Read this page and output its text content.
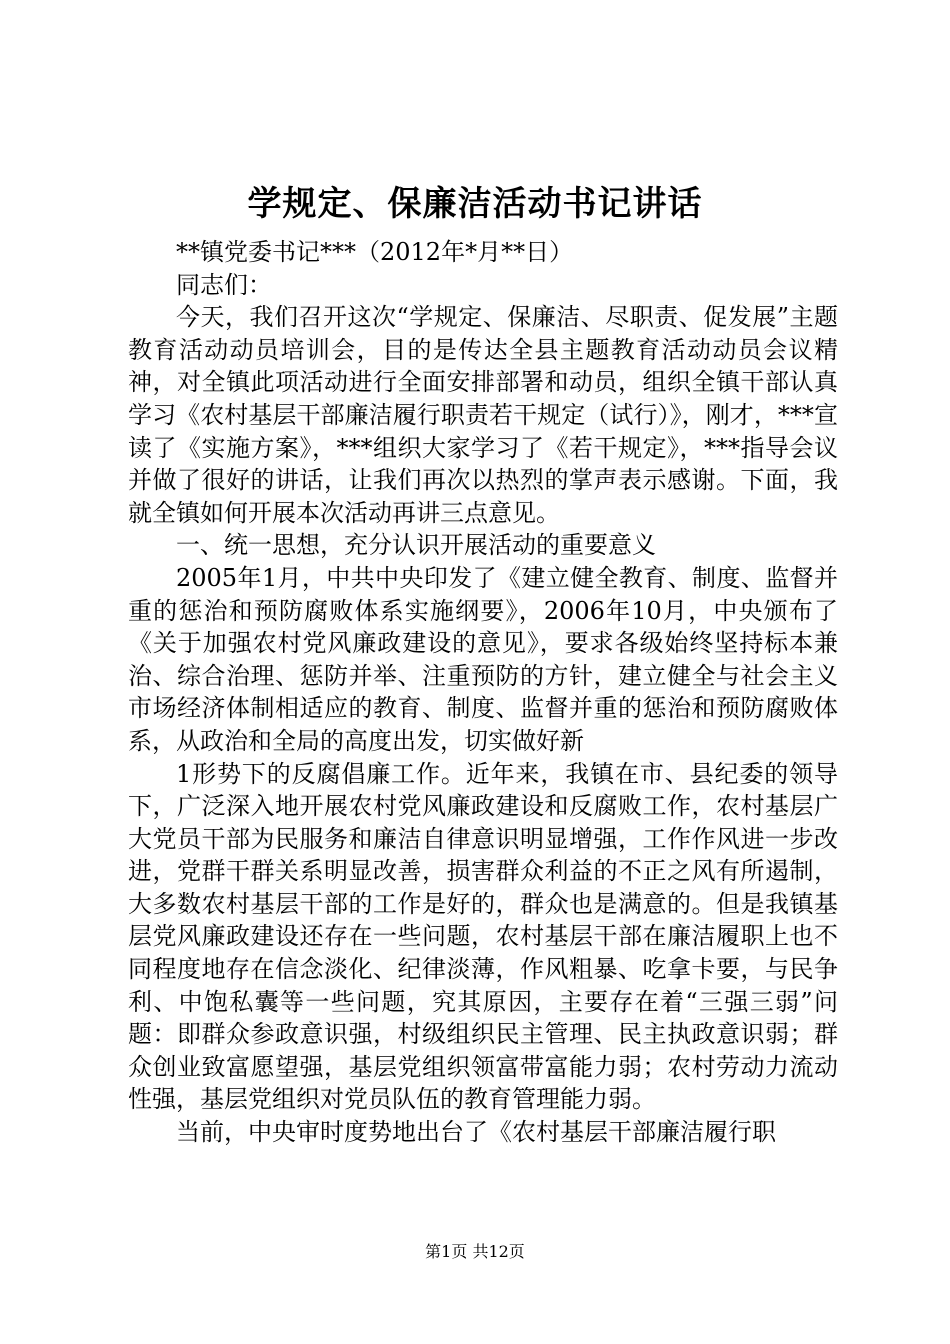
学规定、保廉洁活动书记讲话

**镇党委书记***（2012年*月**日）

同志们：

今天，我们召开这次“学规定、保廉洁、尽职责、促发展”主题教育活动动员培训会，目的是传达全县主题教育活动动员会议精神，对全镇此项活动进行全面安排部署和动员，组织全镇干部认真学习《农村基层干部廉洁履行职责若干规定（试行）》，刚才，***宣读了《实施方案》，***组织大家学习了《若干规定》，***指导会议并做了很好的讲话，让我们再次以热烈的掌声表示感谢。下面，我就全镇如何开展本次活动再讲三点意见。

一、统一思想，充分认识开展活动的重要意义

2005年1月，中共中央印发了《建立健全教育、制度、监督并重的惩治和预防腐败体系实施纲要》，2006年10月，中央颁布了《关于加强农村党风廉政建设的意见》，要求各级始终坚持标本兼治、综合治理、惩防并举、注重预防的方针，建立健全与社会主义市场经济体制相适应的教育、制度、监督并重的惩治和预防腐败体系，从政治和全局的高度出发，切实做好新

1形势下的反腐倡廉工作。近年来，我镇在市、县纪委的领导下，广泛深入地开展农村党风廉政建设和反腐败工作，农村基层广大党员干部为民服务和廉洁自律意识明显增强，工作作风进一步改进，党群干群关系明显改善，损害群众利益的不正之风有所遏制，大多数农村基层干部的工作是好的，群众也是满意的。但是我镇基层党风廉政建设还存在一些问题，农村基层干部在廉洁履职上也不同程度地存在信念淡化、纪律淡薄，作风粗暴、吃拿卡要，与民争利、中饱私囊等一些问题，究其原因，主要存在着“三强三弱”问题：即群众参政意识强，村级组织民主管理、民主执政意识弱；群众创业致富愿望强，基层党组织领富带富能力弱；农村劳动力流动性强，基层党组织对党员队伍的教育管理能力弱。

当前，中央审时度势地出台了《农村基层干部廉洁履行职

第1页 共12页
